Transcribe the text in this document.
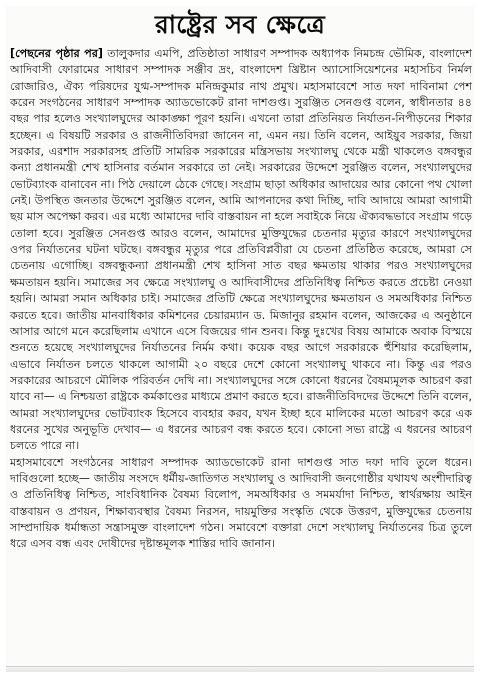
রাষ্ট্রের সব ক্ষেত্রে

[পেছনের পৃষ্ঠার পর] তালুকদার এমপি, প্রতিষ্ঠাতা সাধারণ সম্পাদক অধ্যাপক নিমচন্দ্র ভৌমিক, বাংলাদেশ আদিবাসী ফোরামের সাধারণ সম্পাদক সঞ্জীব দ্রং, বাংলাদেশ খ্রিষ্টান অ্যাসোসিয়েশনের মহাসচিব নির্মল রোজারিও, ঐক্য পরিষদের যুগ্ম-সম্পাদক মনিন্দ্রকুমার নাথ প্রমুখ। মহাসমাবেশে সাত দফা দাবিনামা পেশ করেন সংগঠনের সাধারণ সম্পাদক অ্যাডভোকেট রানা দাশগুপ্ত। সুরঞ্জিত সেনগুপ্ত বলেন, স্বাধীনতার ৪৪ বছর পার হলেও সংখ্যালঘুদের আকাঙ্ক্ষা পূরণ হয়নি। এখনো তারা প্রতিনিয়ত নির্যাতন-নিপীড়নের শিকার হচ্ছেন। এ বিষয়টি সরকার ও রাজনীতিবিদরা জানেন না, এমন নয়। তিনি বলেন, আইয়ুব সরকার, জিয়া সরকার, এরশাদ সরকারসহ প্রতিটি সামরিক সরকারের মন্ত্রিসভায় সংখ্যালঘু থেকে মন্ত্রী থাকলেও বঙ্গবন্ধুর কন্যা প্রধানমন্ত্রী শেখ হাসিনার বর্তমান সরকারে তা নেই। সরকারের উদ্দেশে সুরঞ্জিত বলেন, সংখ্যালঘুদের ভোটব্যাংক বানাবেন না। পিঠ দেয়ালে ঠেকে গেছে। সংগ্রাম ছাড়া অধিকার আদায়ের আর কোনো পথ খোলা নেই। উপস্থিত জনতার উদ্দেশে সুরঞ্জিত বলেন, আমি আপনাদের কথা দিচ্ছি, দাবি আদায়ে আমরা আগামী ছয় মাস অপেক্ষা করব। এর মধ্যে আমাদের দাবি বাস্তবায়ন না হলে সবাইকে নিয়ে ঐক্যবদ্ধভাবে সংগ্রাম গড়ে তোলা হবে। সুরঞ্জিত সেনগুপ্ত আরও বলেন, আমাদের মুক্তিযুদ্ধের চেতনার মৃত্যুর কারণে সংখ্যালঘুদের ওপর নির্যাতনের ঘটনা ঘটছে। বঙ্গবন্ধুর মৃত্যুর পরে প্রতিবিপ্লবীরা যে চেতনা প্রতিষ্ঠিত করেছে, আমরা সে চেতনায় এগোচ্ছি। বঙ্গবন্ধুকন্যা প্রধানমন্ত্রী শেখ হাসিনা সাত বছর ক্ষমতায় থাকার পরও সংখ্যালঘুদের ক্ষমতায়ন হয়নি। সমাজের সব ক্ষেত্রে সংখ্যালঘু ও আদিবাসীদের প্রতিনিধিত্ব নিশ্চিত করতে প্রচেষ্টা নেওয়া হয়নি। আমরা সমান অধিকার চাই। সমাজের প্রতিটি ক্ষেত্রে সংখ্যালঘুদের ক্ষমতায়ন ও সমঅধিকার নিশ্চিত করতে হবে। জাতীয় মানবাধিকার কমিশনের চেয়ারম্যান ড. মিজানুর রহমান বলেন, আজকের এ অনুষ্ঠানে আসার আগে মনে করেছিলাম এখানে এসে বিজয়ের গান শুনব। কিন্তু দুঃখের বিষয় আমাকে অবাক বিস্ময়ে শুনতে হয়েছে সংখ্যালঘুদের নির্যাতনের নির্মম কথা। কয়েক বছর আগে সরকারকে হুঁশিয়ার করেছিলাম, এভাবে নির্যাতন চলতে থাকলে আগামী ২০ বছরে দেশে কোনো সংখ্যালঘু থাকবে না। কিন্তু এর পরও সরকারের আচরণে মৌলিক পরিবর্তন দেখি না। সংখ্যালঘুদের সঙ্গে কোনো ধরনের বৈষম্যমূলক আচরণ করা যাবে না— এ নিশ্চয়তা রাষ্ট্রকে কর্মকাণ্ডের মাধ্যমে প্রমাণ করতে হবে। রাজনীতিবিদদের উদ্দেশে তিনি বলেন, আমরা সংখ্যালঘুদের ভোটব্যাংক হিসেবে ব্যবহার করব, যখন ইচ্ছা হবে মালিকের মতো আচরণ করে এক ধরনের সুখের অনুভূতি দেখাব— এ ধরনের আচরণ বন্ধ করতে হবে। কোনো সভ্য রাষ্ট্রে এ ধরনের আচরণ চলতে পারে না।

মহাসমাবেশে সংগঠনের সাধারণ সম্পাদক অ্যাডভোকেট রানা দাশগুপ্ত সাত দফা দাবি তুলে ধরেন। দাবিগুলো হচ্ছে— জাতীয় সংসদে ধর্মীয়-জাতিগত সংখ্যালঘু ও আদিবাসী জনগোষ্ঠীর যথাযথ অংশীদারিত্ব ও প্রতিনিধিত্ব নিশ্চিত, সাংবিধানিক বৈষম্য বিলোপ, সমঅধিকার ও সমমর্যাদা নিশ্চিত, স্বার্থরক্ষায় আইন বাস্তবায়ন ও প্রণয়ন, শিক্ষাব্যবস্থার বৈষম্য নিরসন, দায়মুক্তির সংস্কৃতি থেকে উত্তরণ, মুক্তিযুদ্ধের চেতনায় সাম্প্রদায়িক ধর্মান্ধতা সন্ত্রাসমুক্ত বাংলাদেশ গঠন। সমাবেশে বক্তারা দেশে সংখ্যালঘু নির্যাতনের চিত্র তুলে ধরে এসব বন্ধ এবং দোষীদের দৃষ্টান্তমূলক শাস্তির দাবি জানান।
